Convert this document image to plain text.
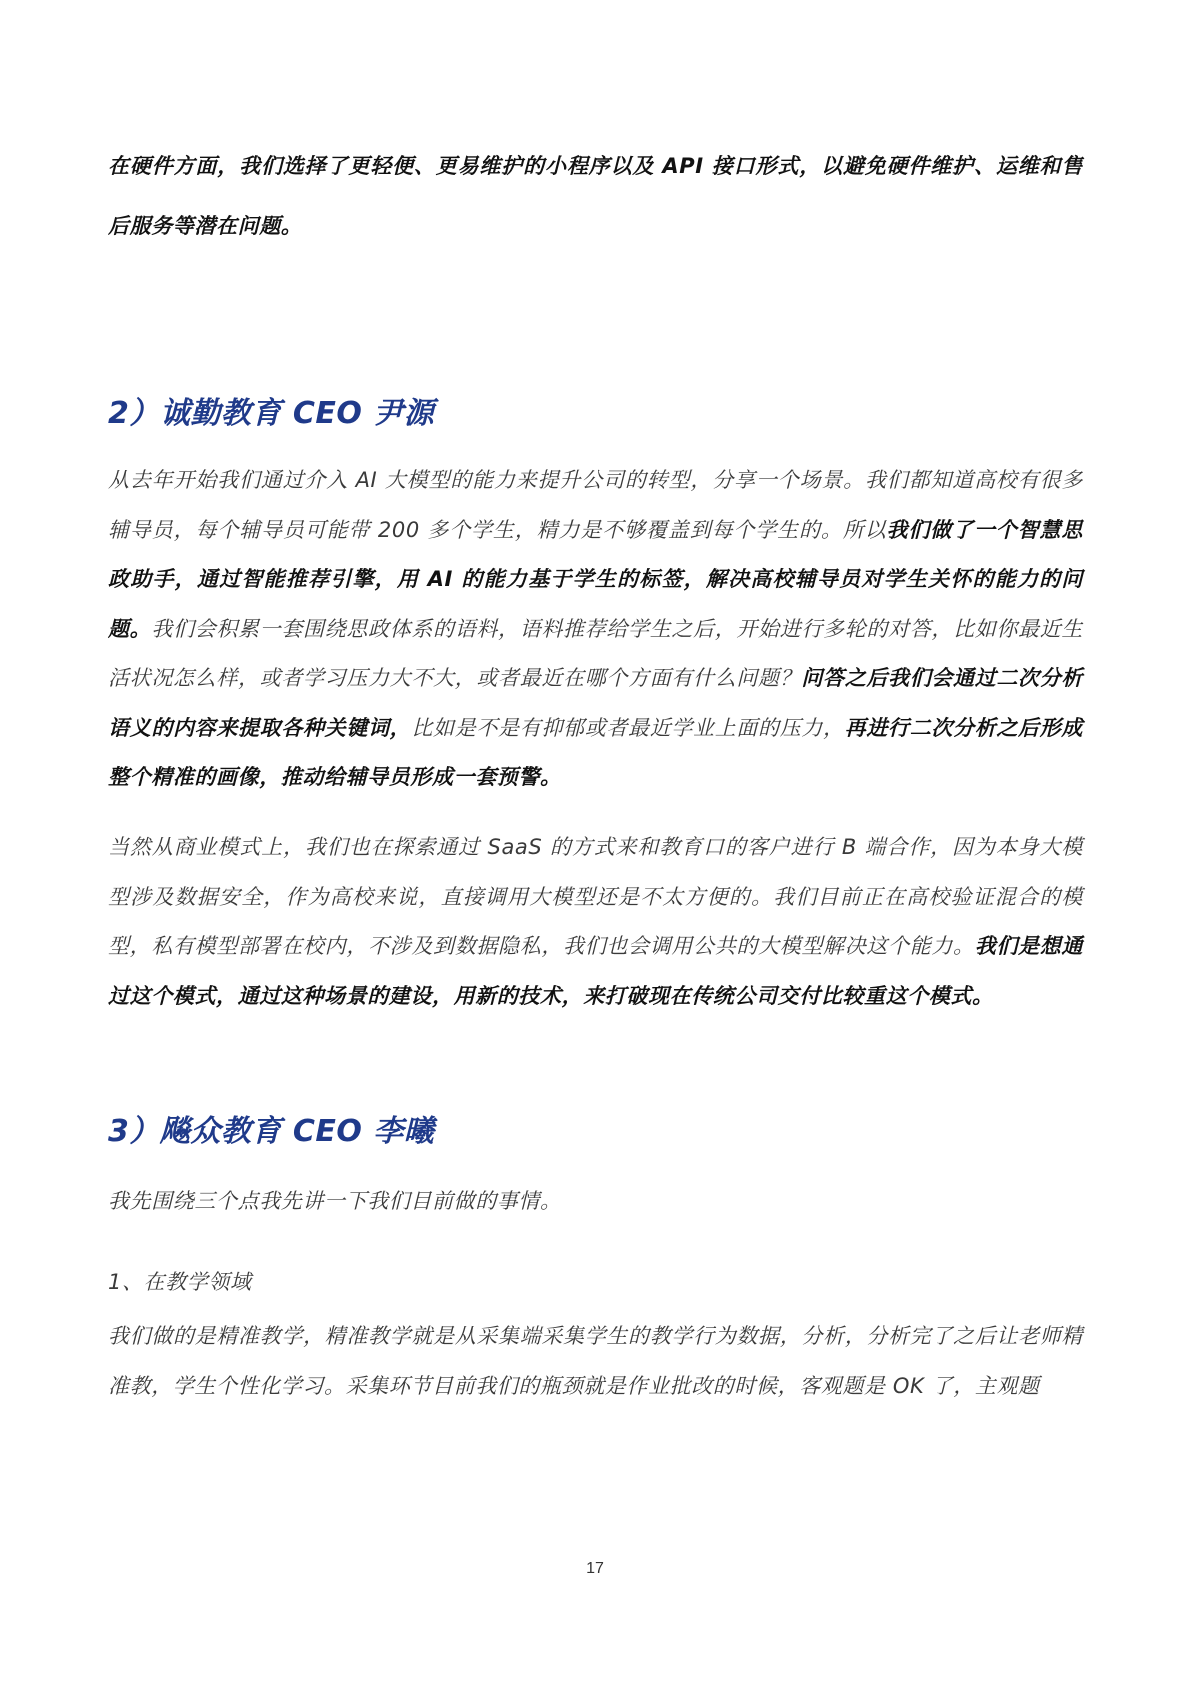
在硬件方面，我们选择了更轻便、更易维护的小程序以及 API 接口形式，以避免硬件维护、运维和售后服务等潜在问题。

2）诚勤教育 CEO 尹源

从去年开始我们通过介入 AI 大模型的能力来提升公司的转型，分享一个场景。我们都知道高校有很多辅导员，每个辅导员可能带 200 多个学生，精力是不够覆盖到每个学生的。所以我们做了一个智慧思政助手，通过智能推荐引擎，用 AI 的能力基于学生的标签，解决高校辅导员对学生关怀的能力的问题。我们会积累一套围绕思政体系的语料，语料推荐给学生之后，开始进行多轮的对答，比如你最近生活状况怎么样，或者学习压力大不大，或者最近在哪个方面有什么问题？问答之后我们会通过二次分析语义的内容来提取各种关键词，比如是不是有抑郁或者最近学业上面的压力，再进行二次分析之后形成整个精准的画像，推动给辅导员形成一套预警。

当然从商业模式上，我们也在探索通过 SaaS 的方式来和教育口的客户进行 B 端合作，因为本身大模型涉及数据安全，作为高校来说，直接调用大模型还是不太方便的。我们目前正在高校验证混合的模型，私有模型部署在校内，不涉及到数据隐私，我们也会调用公共的大模型解决这个能力。我们是想通过这个模式，通过这种场景的建设，用新的技术，来打破现在传统公司交付比较重这个模式。

3）飚众教育 CEO 李曦

我先围绕三个点我先讲一下我们目前做的事情。

1、在教学领域

我们做的是精准教学，精准教学就是从采集端采集学生的教学行为数据，分析，分析完了之后让老师精准教，学生个性化学习。采集环节目前我们的瓶颈就是作业批改的时候，客观题是 OK 了，主观题

17
